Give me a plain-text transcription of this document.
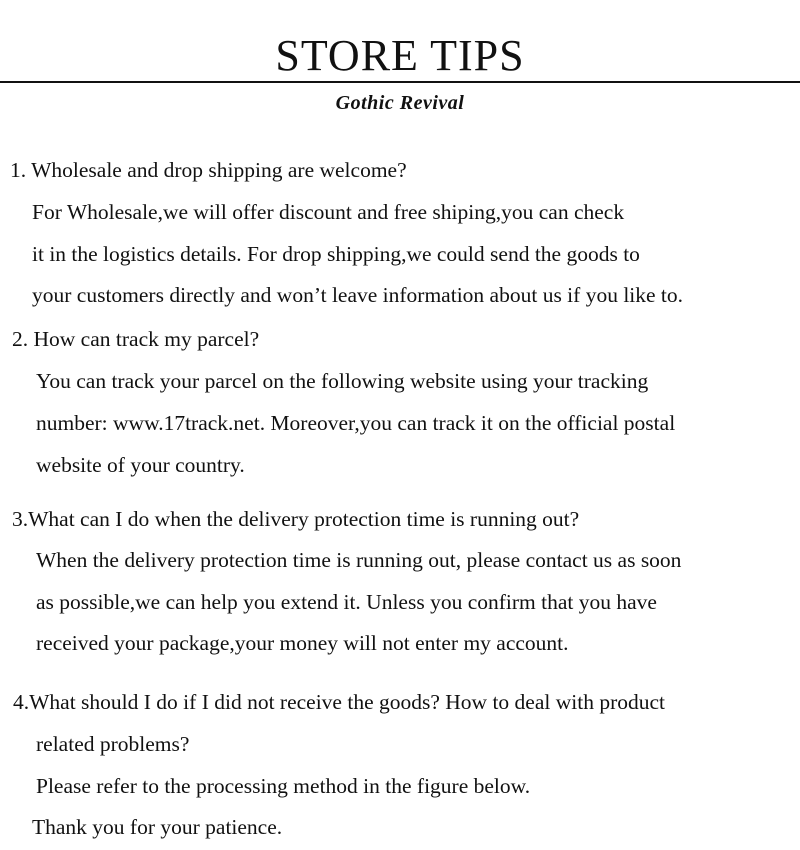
STORE TIPS
Gothic Revival
1. Wholesale and drop shipping are welcome?
For Wholesale,we will offer discount and free shiping,you can check
it in the logistics details. For drop shipping,we could send the goods to
your customers directly and won’t leave information about us if you like to.
2. How can track my parcel?
You can track your parcel on the following website using your tracking
number: www.17track.net. Moreover,you can track it on the official postal
website of your country.
3.What can I do when the delivery protection time is running out?
When the delivery protection time is running out, please contact us as soon
as possible,we can help you extend it. Unless you confirm that you have
received your package,your money will not enter my account.
4.What should I do if I did not receive the goods? How to deal with product
related problems?
Please refer to the processing method in the figure below.
Thank you for your patience.
